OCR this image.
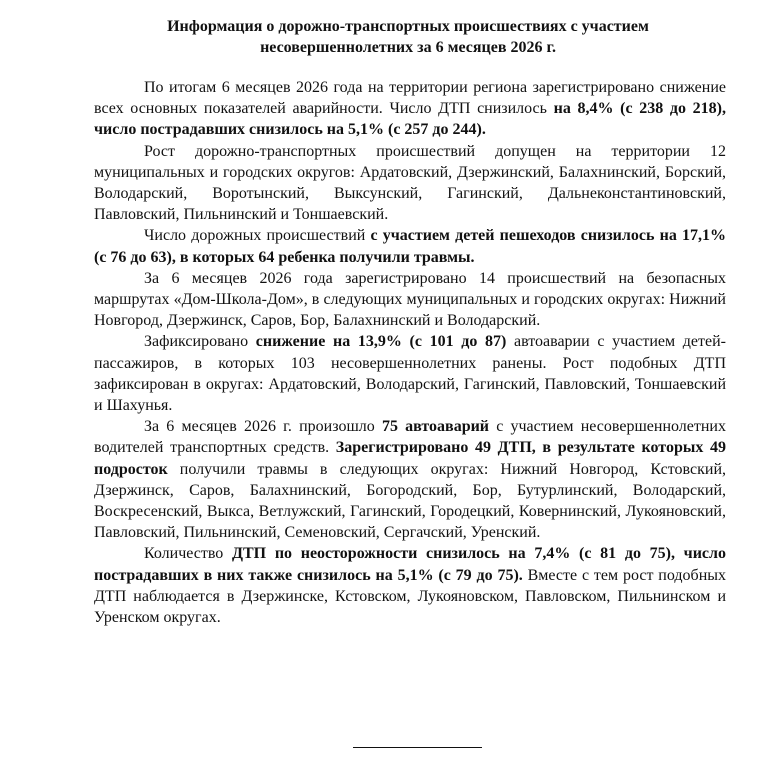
Информация о дорожно-транспортных происшествиях с участием
несовершеннолетних за 6 месяцев 2026 г.

По итогам 6 месяцев 2026 года на территории региона зарегистрировано снижение всех основных показателей аварийности. Число ДТП снизилось на 8,4% (с 238 до 218), число пострадавших снизилось на 5,1% (с 257 до 244).

Рост дорожно-транспортных происшествий допущен на территории 12 муниципальных и городских округов: Ардатовский, Дзержинский, Балахнинский, Борский, Володарский, Воротынский, Выксунский, Гагинский, Дальнеконстантиновский, Павловский, Пильнинский и Тоншаевский.

Число дорожных происшествий с участием детей пешеходов снизилось на 17,1% (с 76 до 63), в которых 64 ребенка получили травмы.

За 6 месяцев 2026 года зарегистрировано 14 происшествий на безопасных маршрутах «Дом-Школа-Дом», в следующих муниципальных и городских округах: Нижний Новгород, Дзержинск, Саров, Бор, Балахнинский и Володарский.

Зафиксировано снижение на 13,9% (с 101 до 87) автоаварии с участием детей-пассажиров, в которых 103 несовершеннолетних ранены. Рост подобных ДТП зафиксирован в округах: Ардатовский, Володарский, Гагинский, Павловский, Тоншаевский и Шахунья.

За 6 месяцев 2026 г. произошло 75 автоаварий с участием несовершеннолетних водителей транспортных средств. Зарегистрировано 49 ДТП, в результате которых 49 подросток получили травмы в следующих округах: Нижний Новгород, Кстовский, Дзержинск, Саров, Балахнинский, Богородский, Бор, Бутурлинский, Володарский, Воскресенский, Выкса, Ветлужский, Гагинский, Городецкий, Ковернинский, Лукояновский, Павловский, Пильнинский, Семеновский, Сергачский, Уренский.

Количество ДТП по неосторожности снизилось на 7,4% (с 81 до 75), число пострадавших в них также снизилось на 5,1% (с 79 до 75). Вместе с тем рост подобных ДТП наблюдается в Дзержинске, Кстовском, Лукояновском, Павловском, Пильнинском и Уренском округах.
